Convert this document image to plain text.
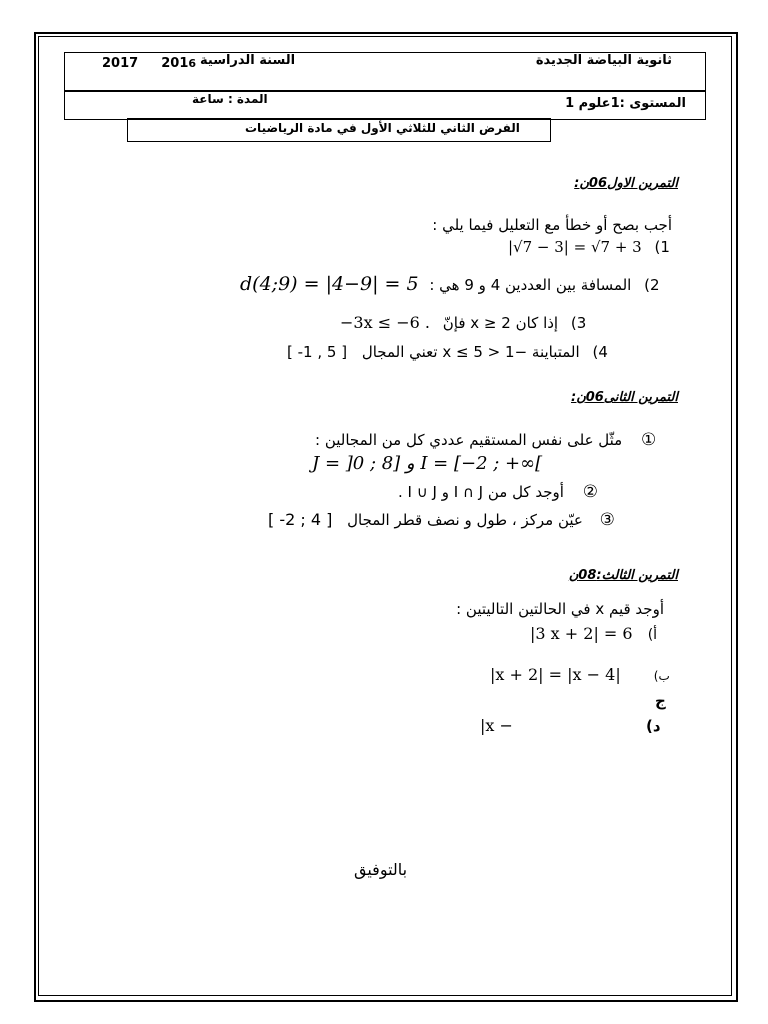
ثانوية البياضة الجديدة
السنة الدراسية
2017 2016
المستوى :1علوم 1
المدة : ساعة
الفرض الثاني للثلاثي الأول في مادة الرياضيات
التمرين الاول06ن:
أجب بصح أو خطأ مع التعليل فيما يلي :
|√7 − 3| = √7 + 3 (1
d(4;9) = |4−9| = 5 المسافة بين العددين 4 و 9 هي : (2
−3x ≤ −6 . إذا كان 2 ≤ x فإنّ (3
[ -1 , 5 ] المتباينة −1 < x ≤ 5 تعني المجال (4
التمرين الثانى06ن:
مثّل على نفس المستقيم عددي كل من المجالين : ①
J = ]0 ; 8] و I = [−2 ; +∞[
أوجد كل من I ∩ J و I ∪ J . ②
[ -2 ; 4 ] عيّن مركز ، طول و نصف قطر المجال ③
التمرين الثالث:08ن
أوجد قيم x في الحالتين التاليتين :
|3 x + 2| = 6 أ)
|x + 2| = |x − 4|	ب)
ج
|x −	د)
بالتوفيق
